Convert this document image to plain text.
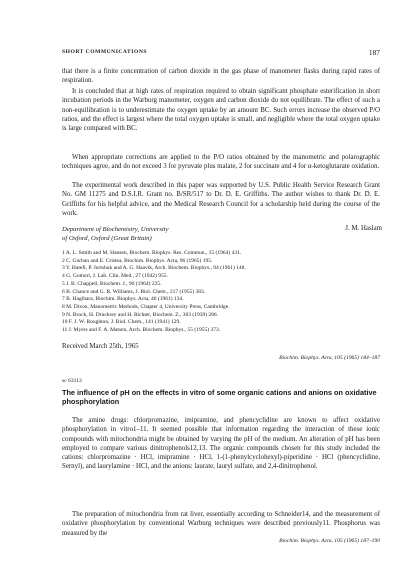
SHORT COMMUNICATIONS	187

that there is a finite concentration of carbon dioxide in the gas phase of manometer flasks during rapid rates of respiration.

It is concluded that at high rates of respiration required to obtain significant phosphate esterification in short incubation periods in the Warburg manometer, oxygen and carbon dioxide do not equilibrate. The effect of such a non-equilibration is to underestimate the oxygen uptake by an amount BC. Such errors increase the observed P/O ratios, and the effect is largest where the total oxygen uptake is small, and negligible where the total oxygen uptake is large compared with BC.

When appropriate corrections are applied to the P/O ratios obtained by the manometric and polarographic techniques agree, and do not exceed 3 for pyruvate plus malate, 2 for succinate and 4 for α-ketoglutarate oxidation.

The experimental work described in this paper was supported by U.S. Public Health Service Research Grant No. GM 11275 and D.S.I.R. Grant no. B/SR/517 to Dr. D. E. Griffiths. The author wishes to thank Dr. D. E. Griffiths for his helpful advice, and the Medical Research Council for a scholarship held during the course of the work.

Department of Biochemistry, University
of Oxford, Oxford (Great Britain)
J. M. Haslam
1 A. L. Smith and M. Hansen, Biochem. Biophys. Res. Commun., 15 (1964) 431.
2 C. Gurban and E. Cristea, Biochim. Biophys. Acta, 96 (1965) 195.
3 Y. Hatefi, P. Jurtshuk and A. G. Haavik, Arch. Biochem. Biophys., 94 (1961) 148.
4 G. Gomori, J. Lab. Clin. Med., 27 (1942) 955.
5 J. B. Chappell, Biochem. J., 90 (1964) 225.
6 B. Chance and G. R. Williams, J. Biol. Chem., 217 (1955) 383.
7 B. Hagihara, Biochim. Biophys. Acta, 46 (1961) 134.
8 M. Dixon, Manometric Methods, Chapter 4, University Press, Cambridge.
9 N. Brock, H. Druckrey and H. Richter, Biochem. Z., 303 (1939) 286.
10 F. J. W. Roughton, J. Biol. Chem., 141 (1941) 129.
11 J. Myers and F. A. Matsen, Arch. Biochem. Biophys., 55 (1955) 373.
Received March 25th, 1965
Biochim. Biophys. Acta, 105 (1965) 184–187
sc 63113
The influence of pH on the effects in vitro of some organic cations and anions on oxidative phosphorylation

The amine drugs: chlorpromazine, imipramine, and phencyclidine are known to affect oxidative phosphorylation in vitro1–11. It seemed possible that information regarding the interaction of these ionic compounds with mitochondria might be obtained by varying the pH of the medium. An alteration of pH has been employed to compare various dinitrophenols12,13. The organic compounds chosen for this study included the cations: chlorpromazine · HCl, imipramine · HCl, 1-(1-phenylcyclohexyl)-piperidine · HCl (phencyclidine, Sernyl), and laurylamine · HCl, and the anions: laurate, lauryl sulfate, and 2,4-dinitrophenol.

The preparation of mitochondria from rat liver, essentially according to Schneider14, and the measurement of oxidative phosphorylation by conventional Warburg techniques were described previously11. Phosphorus was measured by the

Biochim. Biophys. Acta, 105 (1965) 187–190
